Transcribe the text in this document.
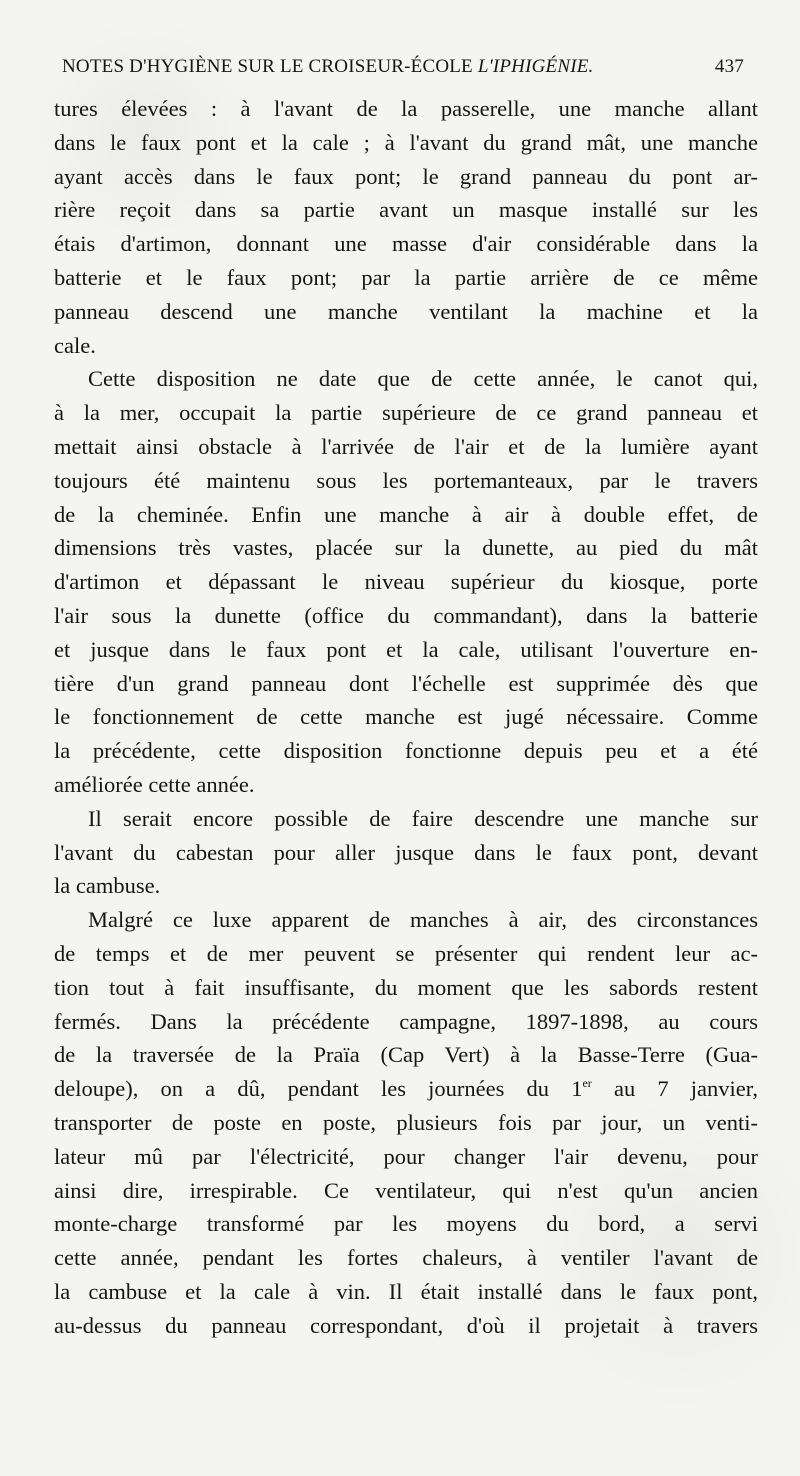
NOTES D'HYGIÈNE SUR LE CROISEUR-ÉCOLE L'IPHIGÉNIE.	437
tures élevées : à l'avant de la passerelle, une manche allant
dans le faux pont et la cale ; à l'avant du grand mât, une manche
ayant accès dans le faux pont; le grand panneau du pont ar-
rière reçoit dans sa partie avant un masque installé sur les
étais d'artimon, donnant une masse d'air considérable dans la
batterie et le faux pont; par la partie arrière de ce même
panneau descend une manche ventilant la machine et la
cale.
Cette disposition ne date que de cette année, le canot qui,
à la mer, occupait la partie supérieure de ce grand panneau et
mettait ainsi obstacle à l'arrivée de l'air et de la lumière ayant
toujours été maintenu sous les portemanteaux, par le travers
de la cheminée. Enfin une manche à air à double effet, de
dimensions très vastes, placée sur la dunette, au pied du mât
d'artimon et dépassant le niveau supérieur du kiosque, porte
l'air sous la dunette (office du commandant), dans la batterie
et jusque dans le faux pont et la cale, utilisant l'ouverture en-
tière d'un grand panneau dont l'échelle est supprimée dès que
le fonctionnement de cette manche est jugé nécessaire. Comme
la précédente, cette disposition fonctionne depuis peu et a été
améliorée cette année.
Il serait encore possible de faire descendre une manche sur
l'avant du cabestan pour aller jusque dans le faux pont, devant
la cambuse.
Malgré ce luxe apparent de manches à air, des circonstances
de temps et de mer peuvent se présenter qui rendent leur ac-
tion tout à fait insuffisante, du moment que les sabords restent
fermés. Dans la précédente campagne, 1897-1898, au cours
de la traversée de la Praïa (Cap Vert) à la Basse-Terre (Gua-
deloupe), on a dû, pendant les journées du 1er au 7 janvier,
transporter de poste en poste, plusieurs fois par jour, un venti-
lateur mû par l'électricité, pour changer l'air devenu, pour
ainsi dire, irrespirable. Ce ventilateur, qui n'est qu'un ancien
monte-charge transformé par les moyens du bord, a servi
cette année, pendant les fortes chaleurs, à ventiler l'avant de
la cambuse et la cale à vin. Il était installé dans le faux pont,
au-dessus du panneau correspondant, d'où il projetait à travers
